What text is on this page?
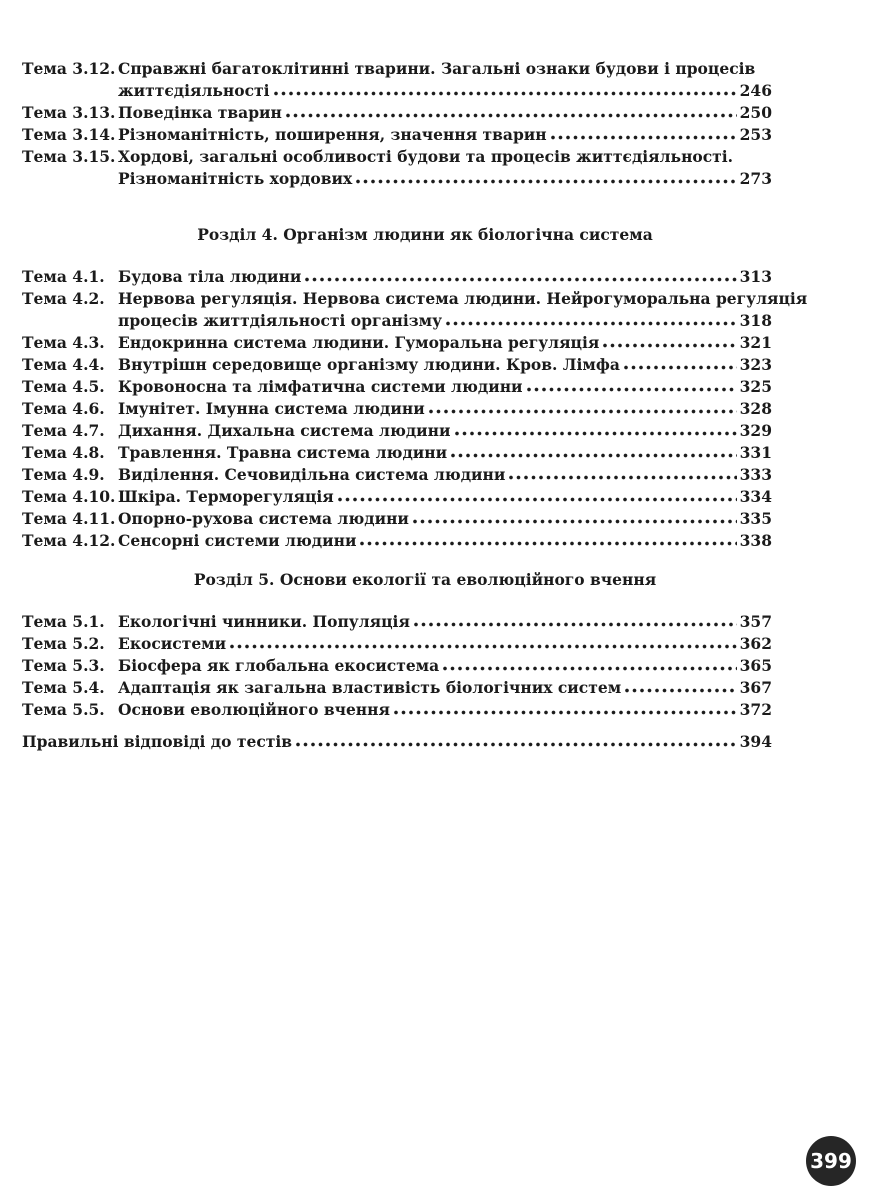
Тема 3.12. Справжні багатоклітинні тварини. Загальні ознаки будови і процесів
життєдіяльності	246
Тема 3.13. Поведінка тварин	250
Тема 3.14. Різноманітність, поширення, значення тварин	253
Тема 3.15. Хордові, загальні особливості будови та процесів життєдіяльності.
Різноманітність хордових	273
Розділ 4. Організм людини як біологічна система
Тема 4.1. Будова тіла людини	313
Тема 4.2. Нервова регуляція. Нервова система людини. Нейрогуморальна регуляція
процесів життдіяльності організму	318
Тема 4.3. Ендокринна система людини. Гуморальна регуляція	321
Тема 4.4. Внутрішн середовище організму людини. Кров. Лімфа	323
Тема 4.5. Кровоносна та лімфатична системи людини	325
Тема 4.6. Імунітет. Імунна система людини	328
Тема 4.7. Дихання. Дихальна система людини	329
Тема 4.8. Травлення. Травна система людини	331
Тема 4.9. Виділення. Сечовидільна система людини	333
Тема 4.10. Шкіра. Терморегуляція	334
Тема 4.11. Опорно-рухова система людини	335
Тема 4.12. Сенсорні системи людини	338
Розділ 5. Основи екології та еволюційного вчення
Тема 5.1. Екологічні чинники. Популяція	357
Тема 5.2. Екосистеми	362
Тема 5.3. Біосфера як глобальна екосистема	365
Тема 5.4. Адаптація як загальна властивість біологічних систем	367
Тема 5.5. Основи еволюційного вчення	372
Правильні відповіді до тестів	394
399
